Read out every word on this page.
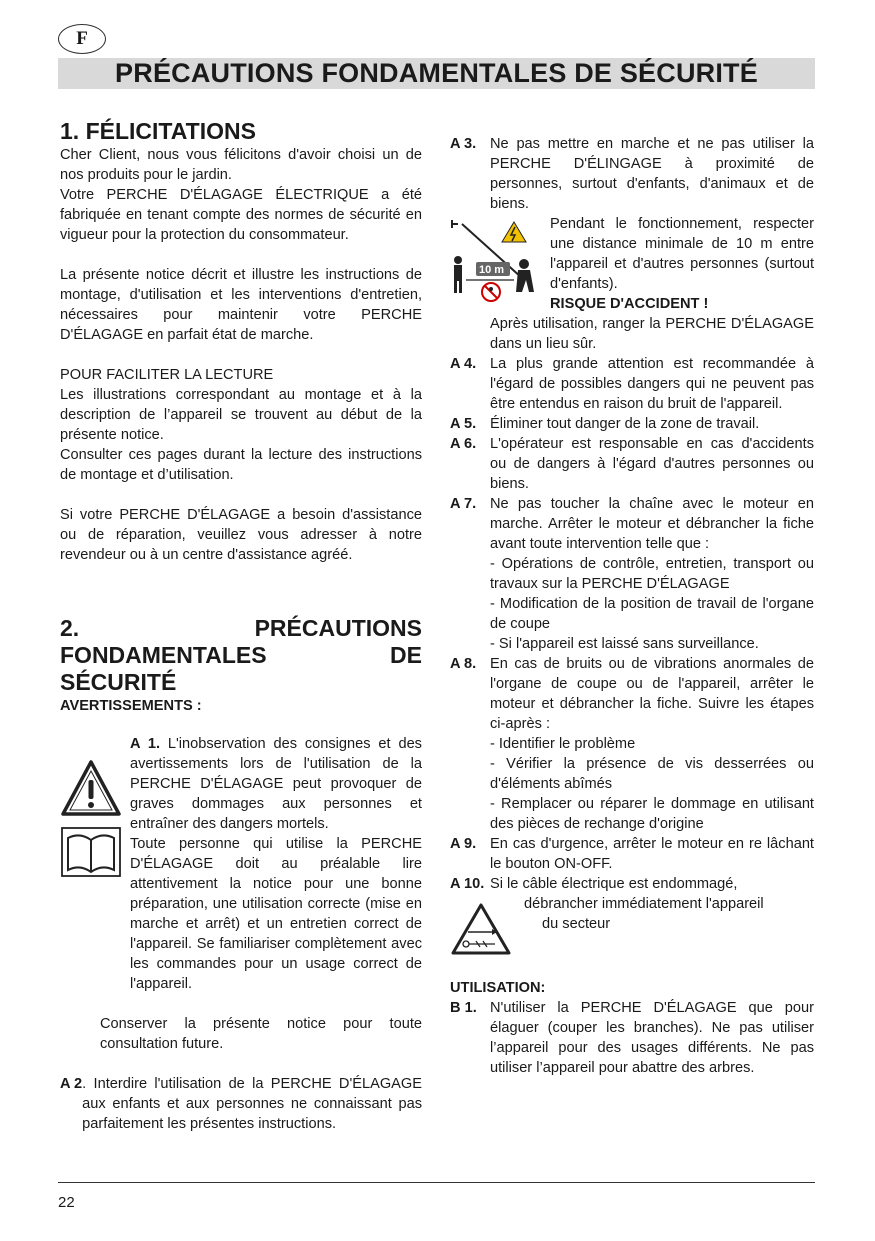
F
PRÉCAUTIONS FONDAMENTALES DE SÉCURITÉ
1. FÉLICITATIONS

Cher Client, nous vous félicitons d'avoir choisi un de nos produits pour le jardin.

Votre PERCHE D'ÉLAGAGE ÉLECTRIQUE a été fabriquée en tenant compte des normes de sécurité en vigueur pour la protection du consommateur.

La présente notice décrit et illustre les instructions de montage, d'utilisation et les interventions d'entretien, nécessaires pour maintenir votre PERCHE D'ÉLAGAGE en parfait état de marche.

POUR FACILITER LA LECTURE

Les illustrations correspondant au montage et à la description de l’appareil se trouvent au début de la présente notice.

Consulter ces pages durant la lecture des instructions de montage et d’utilisation.

Si votre PERCHE D'ÉLAGAGE a besoin d'assistance ou de réparation, veuillez vous adresser à notre revendeur ou à un centre d'assistance agréé.

2. PRÉCAUTIONS FONDAMENTALES DE SÉCURITÉ

AVERTISSEMENTS :

A 1. L'inobservation des consignes et des avertissements lors de l'utilisation de la PERCHE D'ÉLAGAGE peut provoquer de graves dommages aux personnes et entraîner des dangers mortels.

Toute personne qui utilise la PERCHE D'ÉLAGAGE doit au préalable lire attentivement la notice pour une bonne préparation, une utilisation correcte (mise en marche et arrêt) et un entretien correct de l'appareil. Se familiariser complètement avec les commandes pour un usage correct de l'appareil.

Conserver la présente notice pour toute consultation future.

A 2 . Interdire l'utilisation de la PERCHE D'ÉLAGAGE aux enfants et aux personnes ne connaissant pas parfaitement les présentes instructions.
A 3. Ne pas mettre en marche et ne pas utiliser la PERCHE D'ÉLINGAGE à proximité de personnes, surtout d'enfants, d'animaux et de biens.
10 m

Pendant le fonctionnement, respecter une distance minimale de 10 m entre l'appareil et d'autres personnes (surtout d'enfants).

RISQUE D'ACCIDENT !

Après utilisation, ranger la PERCHE D'ÉLAGAGE dans un lieu sûr.

A 4. La plus grande attention est recommandée à l'égard de possibles dangers qui ne peuvent pas être entendus en raison du bruit de l'appareil.
A 5. Éliminer tout danger de la zone de travail.
A 6. L'opérateur est responsable en cas d'accidents ou de dangers à l'égard d'autres personnes ou biens.
A 7. Ne pas toucher la chaîne avec le moteur en marche. Arrêter le moteur et débrancher la fiche avant toute intervention telle que :
- Opérations de contrôle, entretien, transport ou travaux sur la PERCHE D'ÉLAGAGE
- Modification de la position de travail de l'organe de coupe
- Si l'appareil est laissé sans surveillance.
A 8. En cas de bruits ou de vibrations anormales de l'organe de coupe ou de l'appareil, arrêter le moteur et débrancher la fiche. Suivre les étapes ci-après :
- Identifier le problème
- Vérifier la présence de vis desserrées ou d'éléments abîmés
- Remplacer ou réparer le dommage en utilisant des pièces de rechange d'origine
A 9. En cas d'urgence, arrêter le moteur en re lâchant le bouton ON-OFF.
A 10. Si le câble électrique est endommagé,

débrancher immédiatement l'appareil

du secteur

UTILISATION:

B 1. N'utiliser la PERCHE D'ÉLAGAGE que pour élaguer (couper les branches). Ne pas utiliser l’appareil pour des usages différents. Ne pas utiliser l’appareil pour abattre des arbres.
22
